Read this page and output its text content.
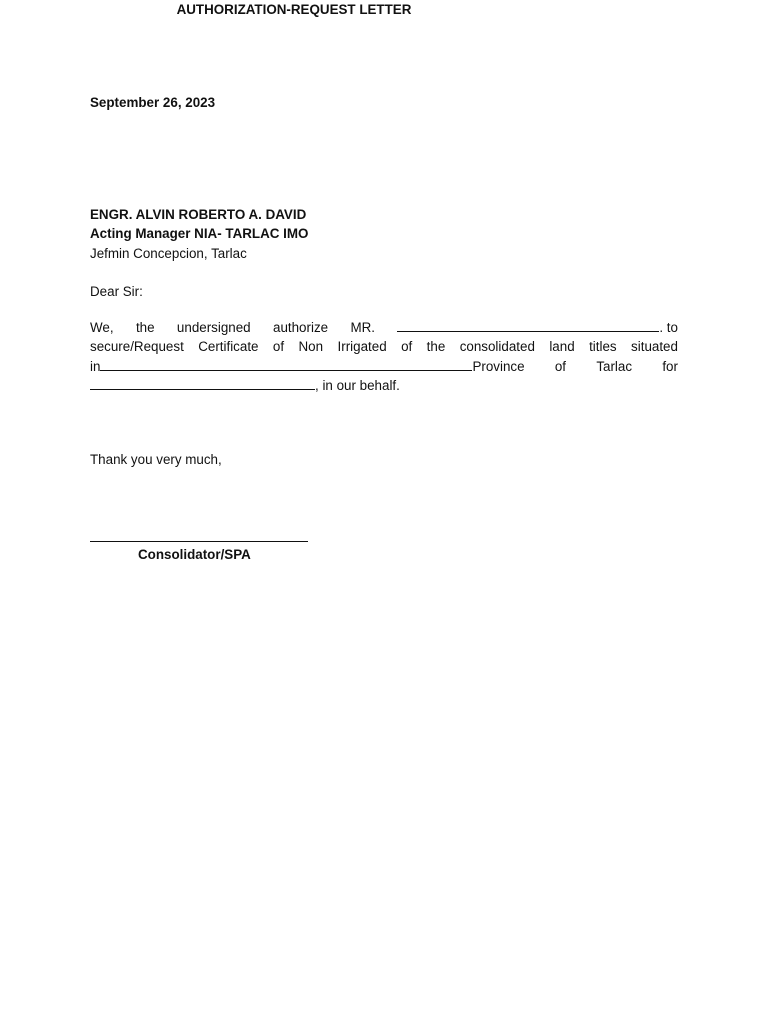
September 26, 2023
AUTHORIZATION-REQUEST LETTER
ENGR. ALVIN ROBERTO A. DAVID
Acting Manager NIA- TARLAC IMO
Jefmin Concepcion, Tarlac
Dear Sir:
We, the undersigned authorize MR.	. to
secure/Request Certificate of Non Irrigated of the consolidated land titles situated
in	Province of Tarlac for
, in our behalf.
Thank you very much,
Consolidator/SPA
